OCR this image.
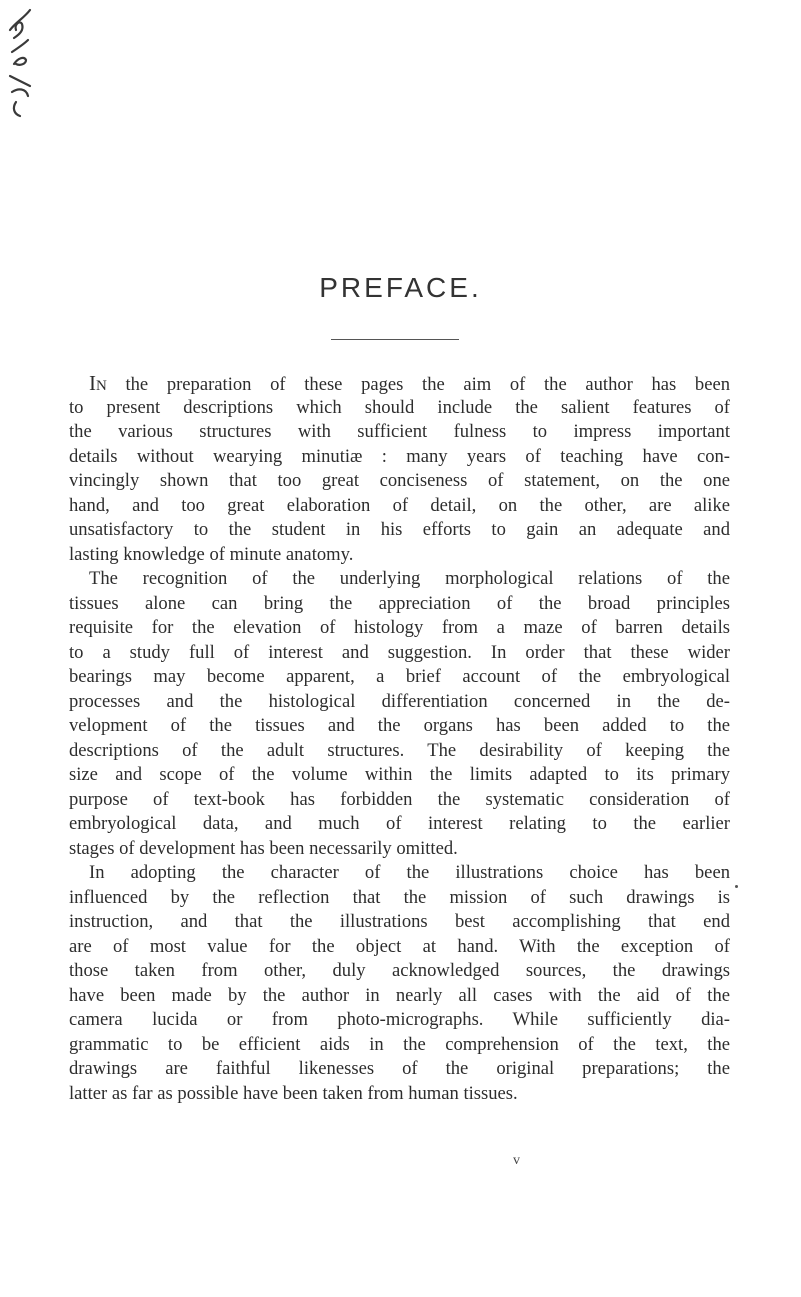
PREFACE.
IN the preparation of these pages the aim of the author has been
to present descriptions which should include the salient features of
the various structures with sufficient fulness to impress important
details without wearying minutiæ : many years of teaching have con-
vincingly shown that too great conciseness of statement, on the one
hand, and too great elaboration of detail, on the other, are alike
unsatisfactory to the student in his efforts to gain an adequate and
lasting knowledge of minute anatomy.
The recognition of the underlying morphological relations of the
tissues alone can bring the appreciation of the broad principles
requisite for the elevation of histology from a maze of barren details
to a study full of interest and suggestion. In order that these wider
bearings may become apparent, a brief account of the embryological
processes and the histological differentiation concerned in the de-
velopment of the tissues and the organs has been added to the
descriptions of the adult structures. The desirability of keeping the
size and scope of the volume within the limits adapted to its primary
purpose of text-book has forbidden the systematic consideration of
embryological data, and much of interest relating to the earlier
stages of development has been necessarily omitted.
In adopting the character of the illustrations choice has been
influenced by the reflection that the mission of such drawings is
instruction, and that the illustrations best accomplishing that end
are of most value for the object at hand. With the exception of
those taken from other, duly acknowledged sources, the drawings
have been made by the author in nearly all cases with the aid of the
camera lucida or from photo-micrographs. While sufficiently dia-
grammatic to be efficient aids in the comprehension of the text, the
drawings are faithful likenesses of the original preparations; the
latter as far as possible have been taken from human tissues.
v
